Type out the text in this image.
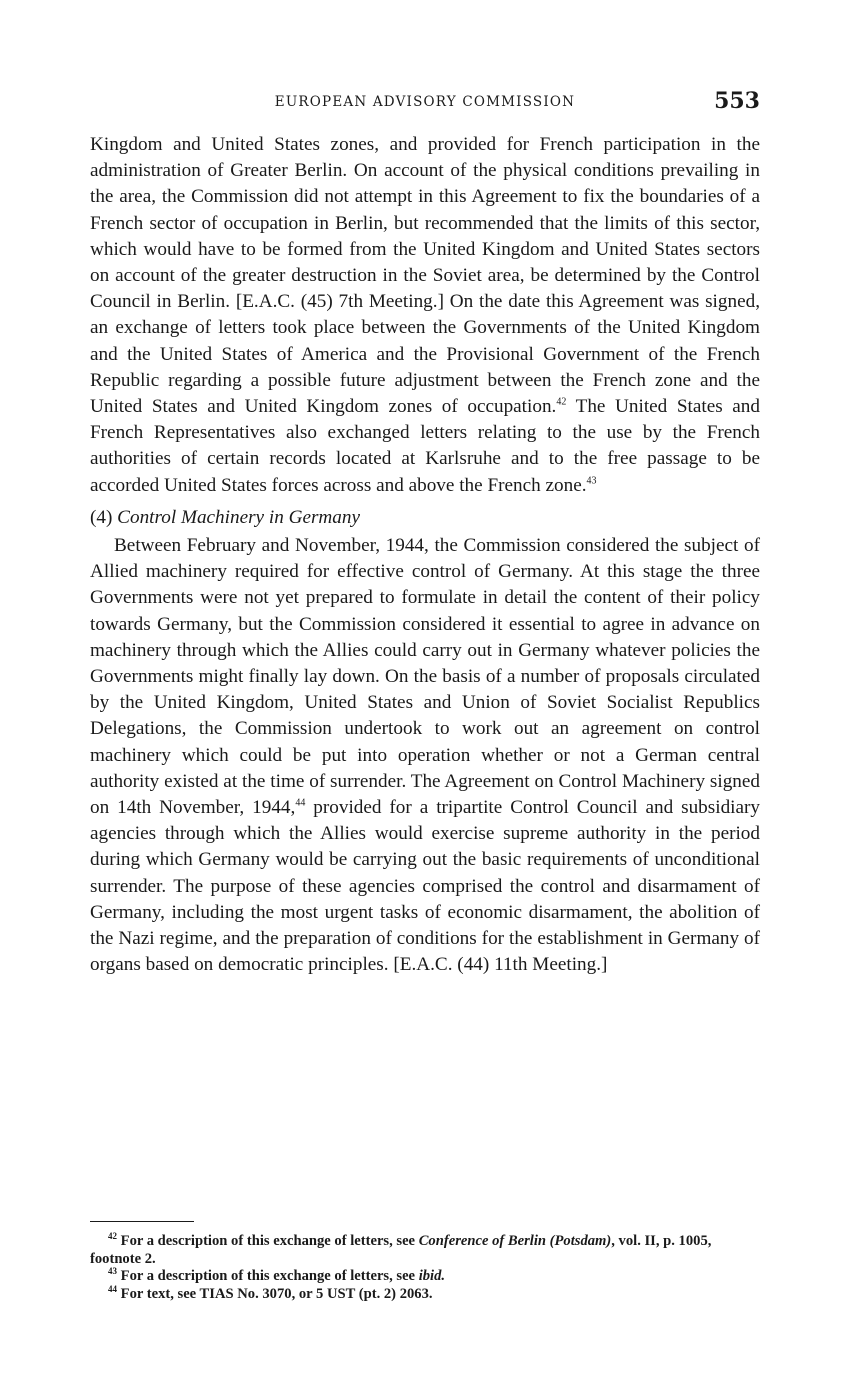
EUROPEAN ADVISORY COMMISSION	553

Kingdom and United States zones, and provided for French participation in the administration of Greater Berlin. On account of the physical conditions prevailing in the area, the Commission did not attempt in this Agreement to fix the boundaries of a French sector of occupation in Berlin, but recommended that the limits of this sector, which would have to be formed from the United Kingdom and United States sectors on account of the greater destruction in the Soviet area, be determined by the Control Council in Berlin. [E.A.C. (45) 7th Meeting.] On the date this Agreement was signed, an exchange of letters took place between the Governments of the United Kingdom and the United States of America and the Provisional Government of the French Republic regarding a possible future adjustment between the French zone and the United States and United Kingdom zones of occupation.$^{42}$ The United States and French Representatives also exchanged letters relating to the use by the French authorities of certain records located at Karlsruhe and to the free passage to be accorded United States forces across and above the French zone.$^{43}$

(4) Control Machinery in Germany

Between February and November, 1944, the Commission considered the subject of Allied machinery required for effective control of Germany. At this stage the three Governments were not yet prepared to formulate in detail the content of their policy towards Germany, but the Commission considered it essential to agree in advance on machinery through which the Allies could carry out in Germany whatever policies the Governments might finally lay down. On the basis of a number of proposals circulated by the United Kingdom, United States and Union of Soviet Socialist Republics Delegations, the Commission undertook to work out an agreement on control machinery which could be put into operation whether or not a German central authority existed at the time of surrender. The Agreement on Control Machinery signed on 14th November, 1944,44 provided for a tripartite Control Council and subsidiary agencies through which the Allies would exercise supreme authority in the period during which Germany would be carrying out the basic requirements of unconditional surrender. The purpose of these agencies comprised the control and disarmament of Germany, including the most urgent tasks of economic disarmament, the abolition of the Nazi regime, and the preparation of conditions for the establishment in Germany of organs based on democratic principles. [E.A.C. (44) 11th Meeting.]

$^{42}$ For a description of this exchange of letters, see Conference of Berlin (Potsdam), vol. II, p. 1005, footnote 2.

$^{43}$ For a description of this exchange of letters, see ibid.

$^{44}$ For text, see TIAS No. 3070, or 5 UST (pt. 2) 2063.
